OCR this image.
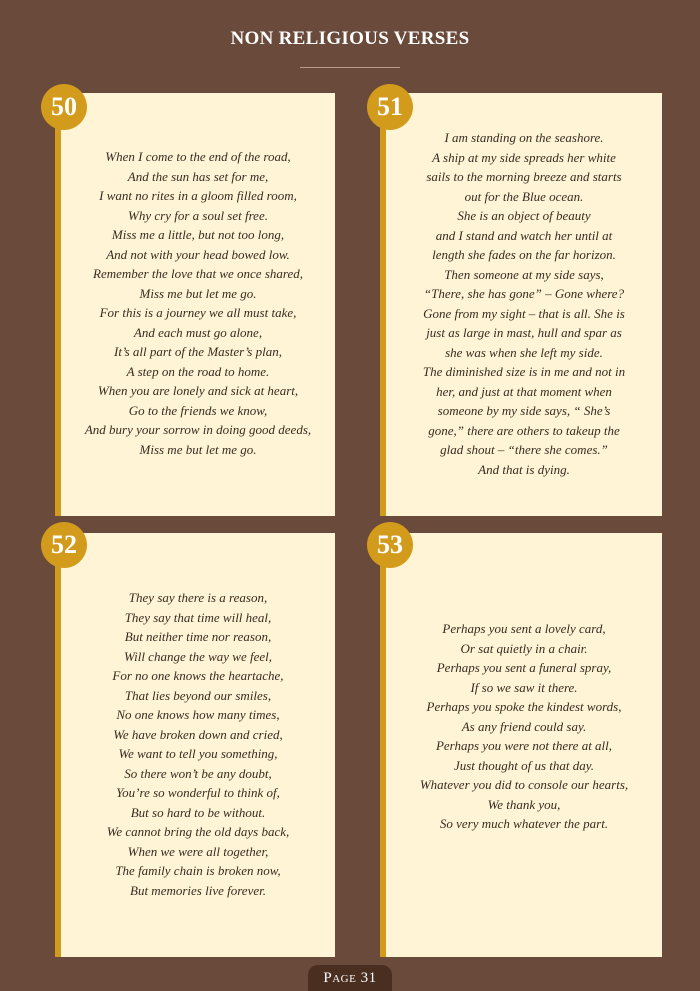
NON RELIGIOUS VERSES
When I come to the end of the road,
And the sun has set for me,
I want no rites in a gloom filled room,
Why cry for a soul set free.
Miss me a little, but not too long,
And not with your head bowed low.
Remember the love that we once shared,
Miss me but let me go.
For this is a journey we all must take,
And each must go alone,
It’s all part of the Master’s plan,
A step on the road to home.
When you are lonely and sick at heart,
Go to the friends we know,
And bury your sorrow in doing good deeds,
Miss me but let me go.
50
I am standing on the seashore.
A ship at my side spreads her white
sails to the morning breeze and starts
out for the Blue ocean.
She is an object of beauty
and I stand and watch her until at
length she fades on the far horizon.
Then someone at my side says,
“There, she has gone” – Gone where?
Gone from my sight – that is all. She is
just as large in mast, hull and spar as
she was when she left my side.
The diminished size is in me and not in
her, and just at that moment when
someone by my side says, “ She’s
gone,” there are others to takeup the
glad shout – “there she comes.”
And that is dying.
51
They say there is a reason,
They say that time will heal,
But neither time nor reason,
Will change the way we feel,
For no one knows the heartache,
That lies beyond our smiles,
No one knows how many times,
We have broken down and cried,
We want to tell you something,
So there won’t be any doubt,
You’re so wonderful to think of,
But so hard to be without.
We cannot bring the old days back,
When we were all together,
The family chain is broken now,
But memories live forever.
52
Perhaps you sent a lovely card,
Or sat quietly in a chair.
Perhaps you sent a funeral spray,
If so we saw it there.
Perhaps you spoke the kindest words,
As any friend could say.
Perhaps you were not there at all,
Just thought of us that day.
Whatever you did to console our hearts,
We thank you,
So very much whatever the part.
53
Page 31
